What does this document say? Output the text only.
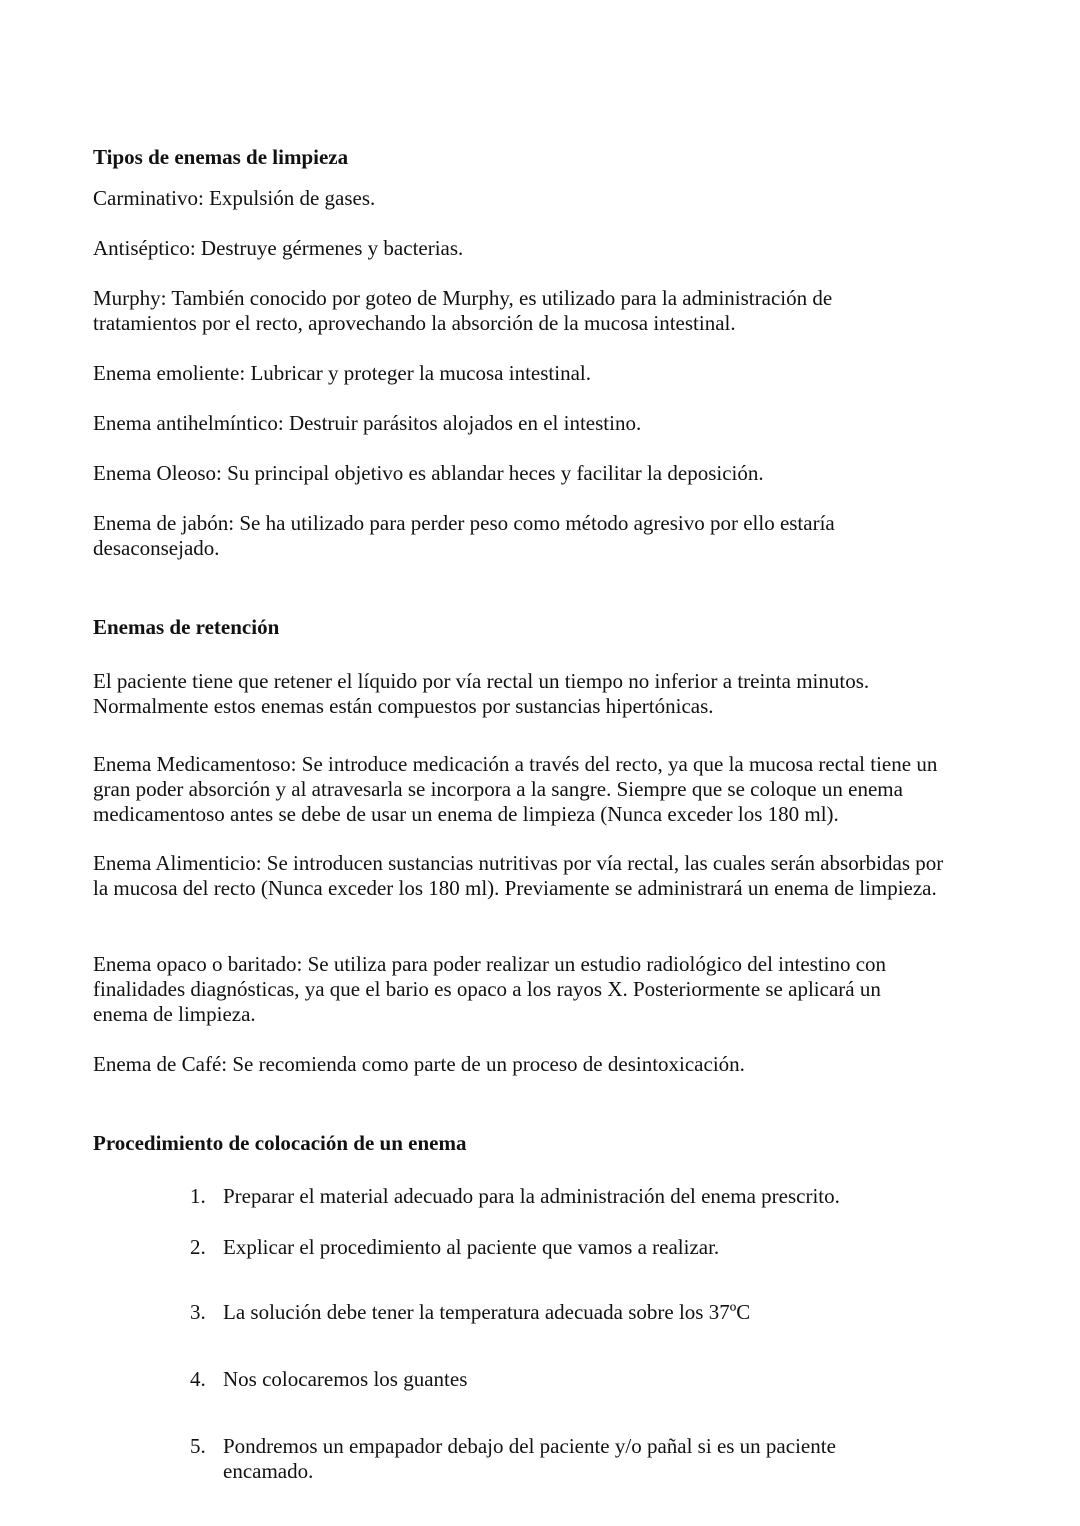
Tipos de enemas de limpieza
Carminativo: Expulsión de gases.
Antiséptico: Destruye gérmenes y bacterias.
Murphy: También conocido por goteo de Murphy, es utilizado para la administración de tratamientos por el recto, aprovechando la absorción de la mucosa intestinal.
Enema emoliente: Lubricar y proteger la mucosa intestinal.
Enema antihelmíntico: Destruir parásitos alojados en el intestino.
Enema Oleoso: Su principal objetivo es ablandar heces y facilitar la deposición.
Enema de jabón: Se ha utilizado para perder peso como método agresivo por ello estaría desaconsejado.
Enemas de retención
El paciente tiene que retener el líquido por vía rectal un tiempo no inferior a treinta minutos. Normalmente estos enemas están compuestos por sustancias hipertónicas.
Enema Medicamentoso: Se introduce medicación a través del recto, ya que la mucosa rectal tiene un gran poder absorción y al atravesarla se incorpora a la sangre. Siempre que se coloque un enema medicamentoso antes se debe de usar un enema de limpieza (Nunca exceder los 180 ml).
Enema Alimenticio: Se introducen sustancias nutritivas por vía rectal, las cuales serán absorbidas por la mucosa del recto (Nunca exceder los 180 ml). Previamente se administrará un enema de limpieza.
Enema opaco o baritado: Se utiliza para poder realizar un estudio radiológico del intestino con finalidades diagnósticas, ya que el bario es opaco a los rayos X. Posteriormente se aplicará un enema de limpieza.
Enema de Café: Se recomienda como parte de un proceso de desintoxicación.
Procedimiento de colocación de un enema
1. Preparar el material adecuado para la administración del enema prescrito.
2. Explicar el procedimiento al paciente que vamos a realizar.
3. La solución debe tener la temperatura adecuada sobre los 37ºC
4. Nos colocaremos los guantes
5. Pondremos un empapador debajo del paciente y/o pañal si es un paciente encamado.
